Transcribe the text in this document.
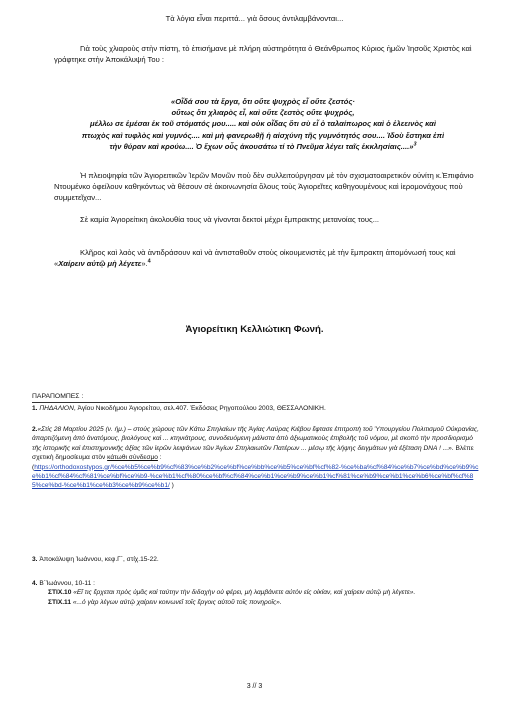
Τὰ λόγια εἶναι περιττά... γιὰ ὅσους ἀντιλαμβάνονται...

Γιὰ τοὺς χλιαροὺς στὴν πίστη, τὸ ἐπισήμανε μὲ πλήρη αὐστηρότητα ὁ Θεάνθρωπος Κύριος ἡμῶν Ἰησοῦς Χριστὸς καὶ γράφτηκε στὴν Ἀποκάλυψή Του :

«Οἶδά σου τὰ ἔργα, ὅτι οὔτε ψυχρὸς εἶ οὔτε ζεστός·
οὕτως ὅτι χλιαρὸς εἶ, καὶ οὔτε ζεστὸς οὔτε ψυχρός,
μέλλω σε ἐμέσαι ἐκ τοῦ στόματός μου..... καὶ οὐκ οἶδας ὅτι σὺ εἶ ὁ ταλαίπωρος καὶ ὁ ἐλεεινὸς καὶ
πτωχὸς καὶ τυφλὸς καὶ γυμνός.... καὶ μὴ φανερωθῇ ἡ αἰσχύνη τῆς γυμνότητός σου.... Ἰδοὺ ἕστηκα ἐπὶ
τὴν θύραν καὶ κρούω.... Ὁ ἔχων οὖς ἀκουσάτω τί τὸ Πνεῦμα λέγει ταῖς ἐκκλησίαις....»$^3$

Ἡ πλειοψηφία τῶν Ἁγιορειτικῶν Ἱερῶν Μονῶν ποὺ δὲν συλλειτούργησαν μὲ τὸν σχισματοαιρετικόν οὐνίτη κ.Ἐπιφάνιο Ντουμένκο ὀφείλουν καθηκόντως νὰ θέσουν σὲ ἀκοινωνησία ὅλους τοὺς Ἁγιορεῖτες καθηγουμένους καὶ ἱερομονάχους ποὺ συμμετεῖχαν...

Σὲ καμία Ἁγιορείτικη ἀκολουθία τους νὰ γίνονται δεκτοὶ μέχρι ἔμπρακτης μετανοίας τους...

Κλῆρος καὶ λαὸς νὰ ἀντιδράσουν καὶ νὰ ἀντισταθοῦν στοὺς οἰκουμενιστὲς μὲ τὴν ἔμπρακτη ἀπομόνωσή τους καὶ «Χαίρειν αὐτῷ μὴ λέγετε».$^4$

Ἁγιορείτικη Κελλιώτικη Φωνή.

ΠΑΡΑΠΟΜΠΕΣ :

1. ΠΗΔΑΛΙΟΝ, Ἁγίου Νικοδήμου Ἁγιορείτου, σελ.407. Ἐκδόσεις Ρηγοπούλου 2003, ΘΕΣΣΑΛΟΝΙΚΗ.

2.«Στὶς 28 Μαρτίου 2025 (ν. ἡμ.) – στοὺς χώρους τῶν Κάτω Σπηλαίων τῆς Ἁγίας Λαύρας Κιέβου ἔφτασε ἐπιτροπὴ τοῦ Ὑπουργείου Πολιτισμοῦ Οὐκρανίας, ἀπαρτιζόμενη ἀπὸ ἀνατόμους, βιολόγους καὶ ... κτηνιάτρους, συνοδευόμενη μάλιστα ἀπὸ ἀξιωματικοὺς ἐπιβολῆς τοῦ νόμου, μὲ σκοπὸ τὴν προσδιορισμὸ τῆς ἱστορικῆς καὶ ἐπιστημονικῆς ἀξίας τῶν ἱερῶν λειψάνων τῶν Ἁγίων Σπηλαιωτῶν Πατέρων ... μέσῳ τῆς λήψης δειγμάτων γιὰ ἐξέταση DNA ! ...». Βλέπε σχετικὴ δημοσίευμα στὸν κάτωθι σύνδεσμο :
(https://orthodoxostypos.gr/%ce%b5%ce%b9%cf%83%ce%b2%ce%bf%ce%bb%ce%b5%ce%bf%cf%82-%ce%ba%cf%84%ce%b7%ce%bd%ce%b9%ce%b1%cf%84%cf%81%ce%bf%ce%b9-%ce%b1%cf%80%ce%bf%cf%84%ce%b1%ce%b9%ce%b1%cf%81%ce%b9%ce%b1%ce%b6%ce%bf%cf%85%ce%bd-%ce%b1%ce%b3%ce%b9%ce%b1/ )

3. Ἀποκάλυψη Ἰωάννου, κεφ.Γ΄, στίχ.15-22.

4. Β΄Ἰωάννου, 10-11 :
ΣΤΙΧ.10 «Εἴ τις ἔρχεται πρὸς ὑμᾶς καὶ ταύτην τὴν διδαχὴν οὐ φέρει, μὴ λαμβάνετε αὐτὸν εἰς οἰκίαν, καὶ χαίρειν αὐτῷ μὴ λέγετε».
ΣΤΙΧ.11 «...ὁ γὰρ λέγων αὐτῷ χαίρειν κοινωνεῖ τοῖς ἔργοις αὐτοῦ τοῖς πονηροῖς».

3 // 3
